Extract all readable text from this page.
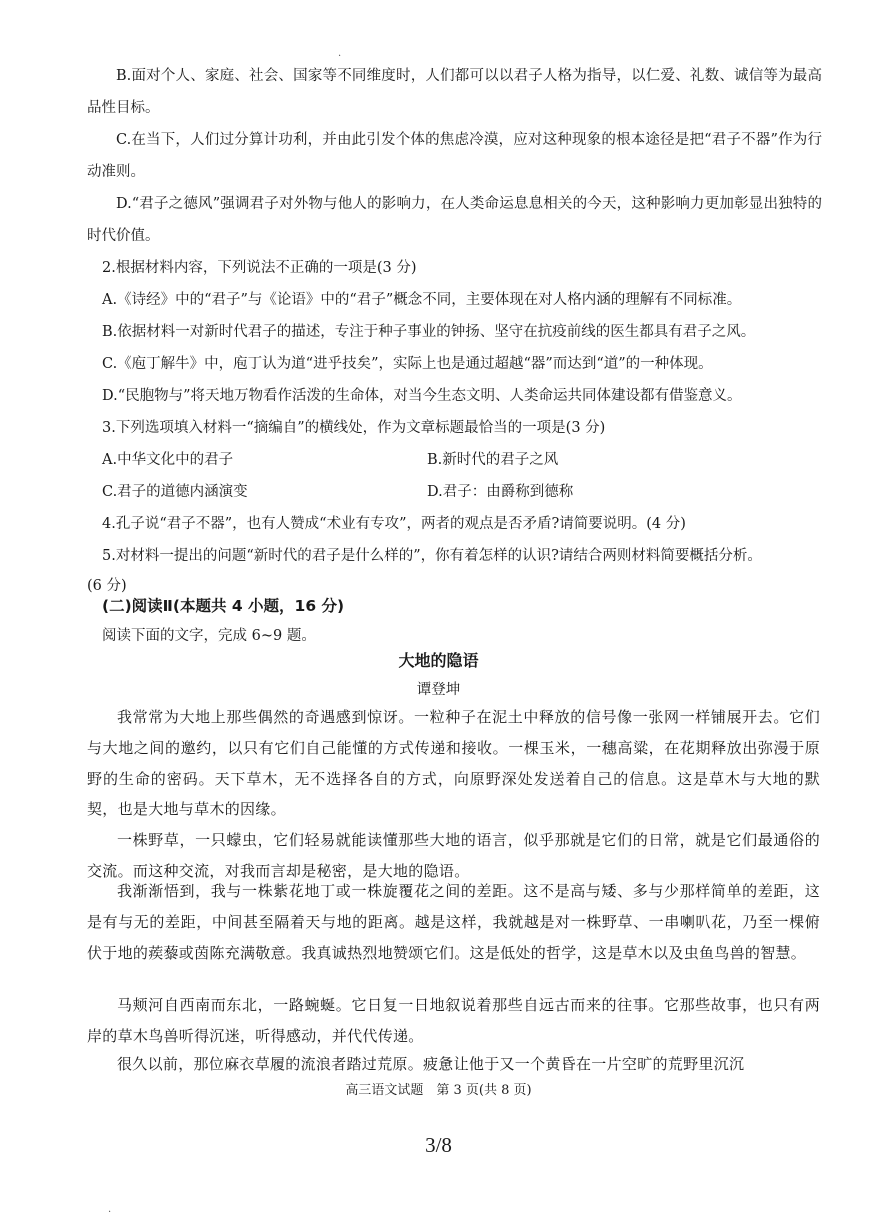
.

B.面对个人、家庭、社会、国家等不同维度时，人们都可以以君子人格为指导，以仁爱、礼数、诚信等为最高品性目标。

C.在当下，人们过分算计功利，并由此引发个体的焦虑冷漠，应对这种现象的根本途径是把“君子不器”作为行动准则。

D.“君子之德风”强调君子对外物与他人的影响力，在人类命运息息相关的今天，这种影响力更加彰显出独特的时代价值。

2.根据材料内容，下列说法不正确的一项是(3 分)

A.《诗经》中的“君子”与《论语》中的“君子”概念不同，主要体现在对人格内涵的理解有不同标准。

B.依据材料一对新时代君子的描述，专注于种子事业的钟扬、坚守在抗疫前线的医生都具有君子之风。

C.《庖丁解牛》中，庖丁认为道“进乎技矣”，实际上也是通过超越“器”而达到“道”的一种体现。

D.“民胞物与”将天地万物看作活泼的生命体，对当今生态文明、人类命运共同体建设都有借鉴意义。

3.下列选项填入材料一“摘编自”的横线处，作为文章标题最恰当的一项是(3 分)

A.中华文化中的君子	B.新时代的君子之风

C.君子的道德内涵演变	D.君子：由爵称到德称

4.孔子说“君子不器”，也有人赞成“术业有专攻”，两者的观点是否矛盾?请简要说明。(4 分)

5.对材料一提出的问题“新时代的君子是什么样的”，你有着怎样的认识?请结合两则材料简要概括分析。

(6 分)

(二)阅读Ⅱ(本题共 4 小题，16 分)

阅读下面的文字，完成 6~9 题。

大地的隐语
谭登坤

我常常为大地上那些偶然的奇遇感到惊讶。一粒种子在泥土中释放的信号像一张网一样铺展开去。它们与大地之间的邀约，以只有它们自己能懂的方式传递和接收。一棵玉米，一穗高粱，在花期释放出弥漫于原野的生命的密码。天下草木，无不选择各自的方式，向原野深处发送着自己的信息。这是草木与大地的默契，也是大地与草木的因缘。

一株野草，一只蠓虫，它们轻易就能读懂那些大地的语言，似乎那就是它们的日常，就是它们最通俗的交流。而这种交流，对我而言却是秘密，是大地的隐语。

我渐渐悟到，我与一株紫花地丁或一株旋覆花之间的差距。这不是高与矮、多与少那样简单的差距，这是有与无的差距，中间甚至隔着天与地的距离。越是这样，我就越是对一株野草、一串喇叭花，乃至一棵俯伏于地的蒺藜或茵陈充满敬意。我真诚热烈地赞颂它们。这是低处的哲学，这是草木以及虫鱼鸟兽的智慧。

马颊河自西南而东北，一路蜿蜒。它日复一日地叙说着那些自远古而来的往事。它那些故事，也只有两岸的草木鸟兽听得沉迷，听得感动，并代代传递。

很久以前，那位麻衣草履的流浪者踏过荒原。疲惫让他于又一个黄昏在一片空旷的荒野里沉沉

高三语文试题　第 3 页(共 8 页)
3/8
.
